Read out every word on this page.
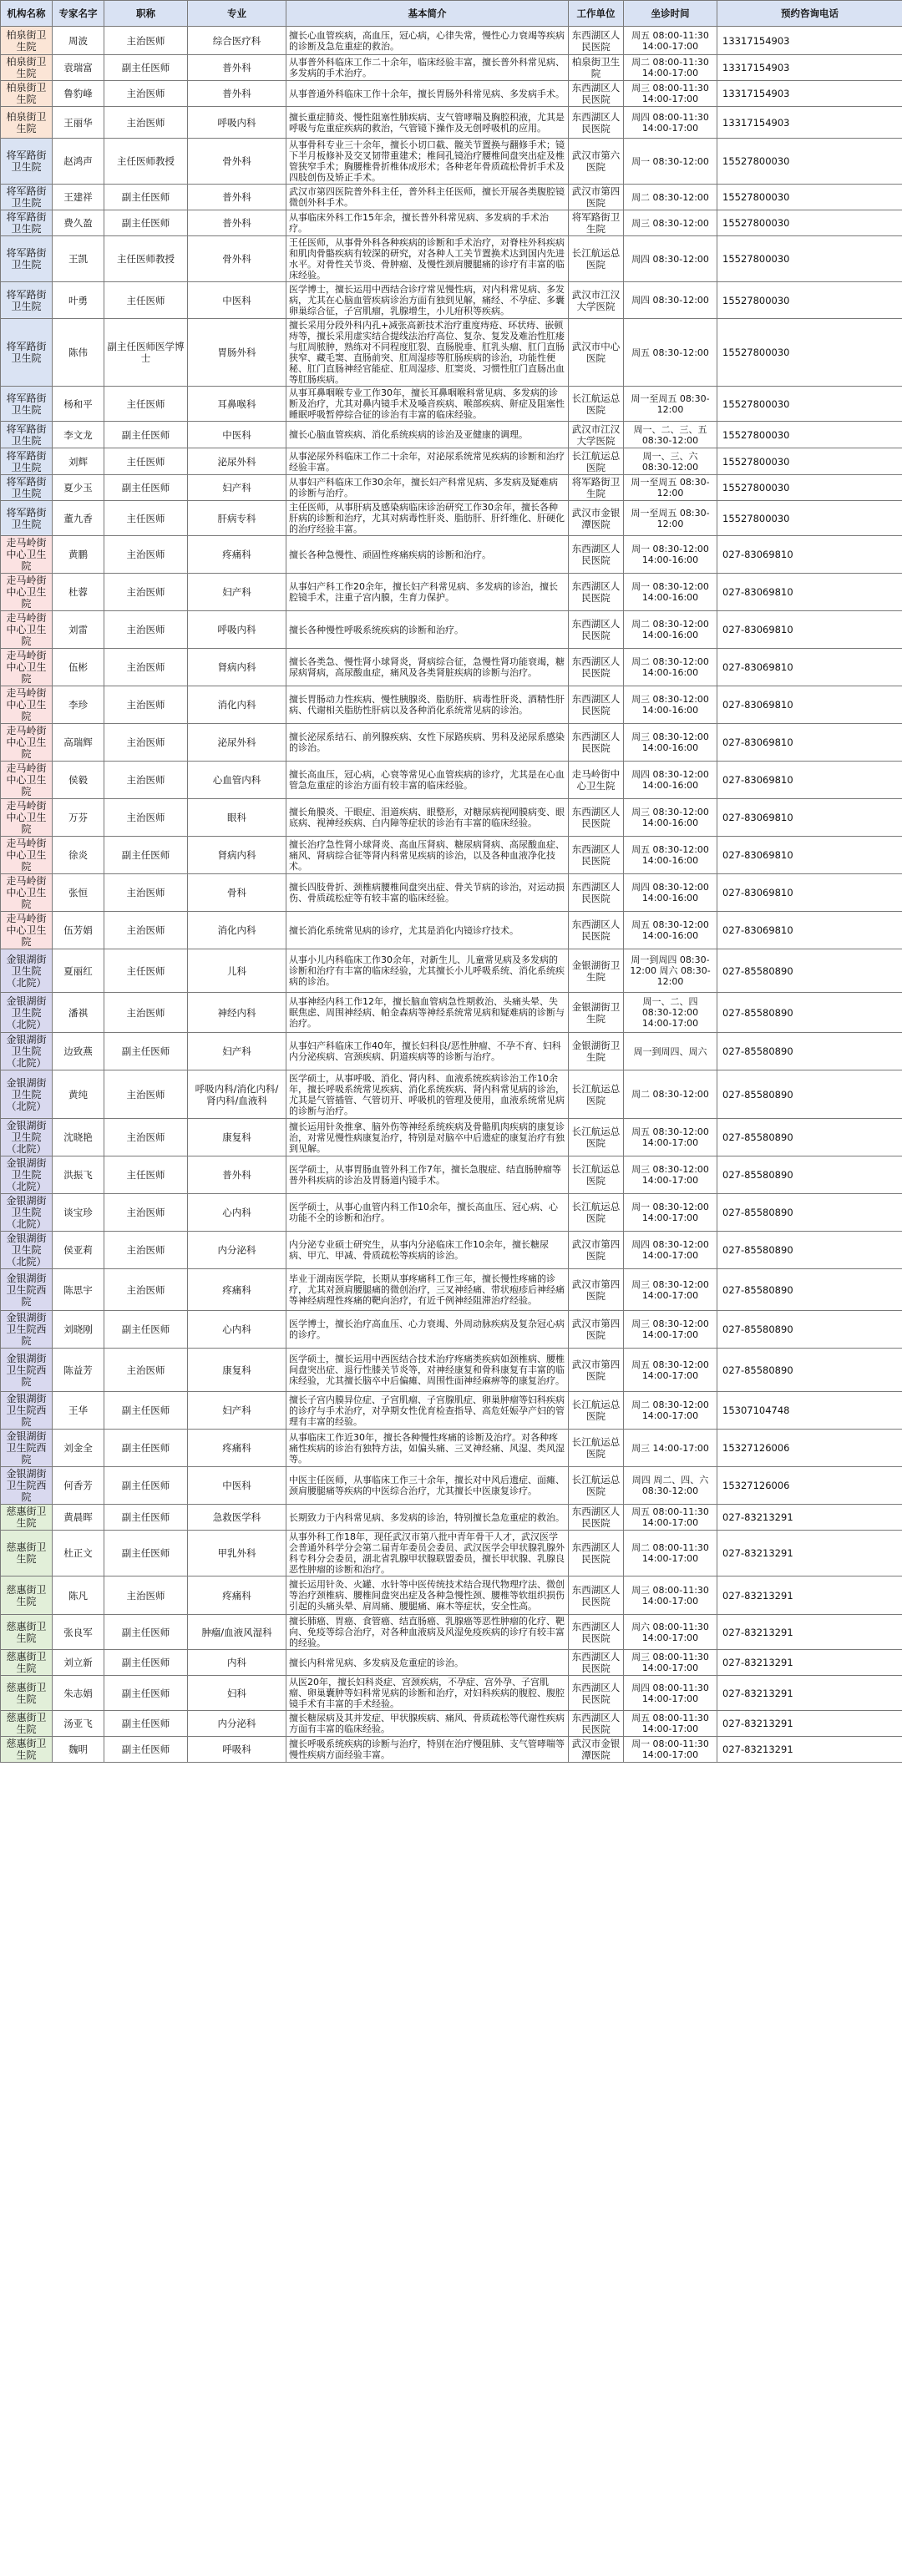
机构名称	专家名字	职称	专业	基本简介	工作单位	坐诊时间	预约咨询电话
柏泉街卫生院	周波	主治医师	综合医疗科	擅长心血管疾病，高血压，冠心病，心律失常，慢性心力衰竭等疾病的诊断及急危重症的救治。	东西湖区人民医院	周五 08:00-11:30 14:00-17:00	13317154903
柏泉街卫生院	袁瑞富	副主任医师	普外科	从事普外科临床工作二十余年，临床经验丰富，擅长普外科常见病、多发病的手术治疗。	柏泉街卫生院	周二 08:00-11:30 14:00-17:00	13317154903
柏泉街卫生院	鲁豹峰	主治医师	普外科	从事普通外科临床工作十余年，擅长胃肠外科常见病、多发病手术。	东西湖区人民医院	周三 08:00-11:30 14:00-17:00	13317154903
柏泉街卫生院	王丽华	主治医师	呼吸内科	擅长重症肺炎、慢性阻塞性肺疾病、支气管哮喘及胸腔积液，尤其是呼吸与危重症疾病的救治，气管镜下操作及无创呼吸机的应用。	东西湖区人民医院	周四 08:00-11:30 14:00-17:00	13317154903
将军路街卫生院	赵鸿声	主任医师教授	骨外科	从事骨科专业三十余年，擅长小切口截、髋关节置换与翻修手术；镜下半月板修补及交叉韧带重建术；椎间孔镜治疗腰椎间盘突出症及椎管狭窄手术；胸腰椎骨折椎体成形术；各种老年骨质疏松骨折手术及四肢创伤及矫正手术。	武汉市第六医院	周一 08:30-12:00	15527800030
将军路街卫生院	王建祥	副主任医师	普外科	武汉市第四医院普外科主任，普外科主任医师，擅长开展各类腹腔镜微创外科手术。	武汉市第四医院	周二 08:30-12:00	15527800030
将军路街卫生院	费久盈	副主任医师	普外科	从事临床外科工作15年余，擅长普外科常见病、多发病的手术治疗。	将军路街卫生院	周三 08:30-12:00	15527800030
将军路街卫生院	王凯	主任医师教授	骨外科	王任医师，从事骨外科各种疾病的诊断和手术治疗，对脊柱外科疾病和肌肉骨骼疾病有较深的研究，对各种人工关节置换术达到国内先进水平。对骨性关节炎、骨肿瘤、及慢性颈肩腰腿痛的诊疗有丰富的临床经验。	长江航运总医院	周四 08:30-12:00	15527800030
将军路街卫生院	叶勇	主任医师	中医科	医学博士，擅长运用中西结合诊疗常见慢性病，对内科常见病、多发病，尤其在心脑血管疾病诊治方面有独到见解，痛经、不孕症、多囊卵巢综合征，子宫肌瘤，乳腺增生，小儿疳积等疾病。	武汉市江汉大学医院	周四 08:30-12:00	15527800030
将军路街卫生院	陈伟	副主任医师医学博士	胃肠外科	擅长采用分段外科内孔+减张高新技术治疗重度痔疮、环状痔、嵌顿痔等，擅长采用虚实结合提线法治疗高位、复杂、复发及难治性肛瘘与肛周脓肿，熟练对不同程度肛裂、直肠脱垂、肛乳头瘤、肛门直肠狭窄、藏毛窦、直肠前突、肛周湿疹等肛肠疾病的诊治，功能性便秘、肛门直肠神经官能症、肛周湿疹、肛窦炎、习惯性肛门直肠出血等肛肠疾病。	武汉市中心医院	周五 08:30-12:00	15527800030
将军路街卫生院	杨和平	主任医师	耳鼻喉科	从事耳鼻咽喉专业工作30年，擅长耳鼻咽喉科常见病、多发病的诊断及治疗，尤其对鼻内镜手术及嗓音疾病、喉部疾病、鼾症及阻塞性睡眠呼吸暂停综合征的诊治有丰富的临床经验。	长江航运总医院	周一至周五 08:30-12:00	15527800030
将军路街卫生院	李文龙	副主任医师	中医科	擅长心脑血管疾病、消化系统疾病的诊治及亚健康的调理。	武汉市江汉大学医院	周一、二、三、五 08:30-12:00	15527800030
将军路街卫生院	刘辉	主任医师	泌尿外科	从事泌尿外科临床工作二十余年，对泌尿系统常见疾病的诊断和治疗经验丰富。	长江航运总医院	周一、三、六 08:30-12:00	15527800030
将军路街卫生院	夏少玉	副主任医师	妇产科	从事妇产科临床工作30余年，擅长妇产科常见病、多发病及疑难病的诊断与治疗。	将军路街卫生院	周一至周五 08:30-12:00	15527800030
将军路街卫生院	董九香	主任医师	肝病专科	主任医师，从事肝病及感染病临床诊治研究工作30余年，擅长各种肝病的诊断和治疗，尤其对病毒性肝炎、脂肪肝、肝纤维化、肝硬化的治疗经验丰富。	武汉市金银潭医院	周一至周五 08:30-12:00	15527800030
走马岭街中心卫生院	黄鹏	主治医师	疼痛科	擅长各种急慢性、顽固性疼痛疾病的诊断和治疗。	东西湖区人民医院	周一 08:30-12:00 14:00-16:00	027-83069810
走马岭街中心卫生院	杜蓉	主治医师	妇产科	从事妇产科工作20余年，擅长妇产科常见病、多发病的诊治，擅长腔镜手术，注重子宫内膜，生育力保护。	东西湖区人民医院	周一 08:30-12:00 14:00-16:00	027-83069810
走马岭街中心卫生院	刘雷	主治医师	呼吸内科	擅长各种慢性呼吸系统疾病的诊断和治疗。	东西湖区人民医院	周二 08:30-12:00 14:00-16:00	027-83069810
走马岭街中心卫生院	伍彬	主治医师	肾病内科	擅长各类急、慢性肾小球肾炎，肾病综合征，急慢性肾功能衰竭，糖尿病肾病，高尿酸血症，痛风及各类肾脏疾病的诊断与治疗。	东西湖区人民医院	周二 08:30-12:00 14:00-16:00	027-83069810
走马岭街中心卫生院	李珍	主治医师	消化内科	擅长胃肠动力性疾病、慢性胰腺炎、脂肪肝、病毒性肝炎、酒精性肝病、代谢相关脂肪性肝病以及各种消化系统常见病的诊治。	东西湖区人民医院	周三 08:30-12:00 14:00-16:00	027-83069810
走马岭街中心卫生院	高瑞辉	主治医师	泌尿外科	擅长泌尿系结石、前列腺疾病、女性下尿路疾病、男科及泌尿系感染的诊治。	东西湖区人民医院	周三 08:30-12:00 14:00-16:00	027-83069810
走马岭街中心卫生院	侯毅	主治医师	心血管内科	擅长高血压，冠心病，心衰等常见心血管疾病的诊疗，尤其是在心血管急危重症的诊治方面有较丰富的临床经验。	走马岭街中心卫生院	周四 08:30-12:00 14:00-16:00	027-83069810
走马岭街中心卫生院	万芬	主治医师	眼科	擅长角膜炎、干眼症、泪道疾病、眼整形，对糖尿病视网膜病变、眼底病、视神经疾病、白内障等症状的诊治有丰富的临床经验。	东西湖区人民医院	周三 08:30-12:00 14:00-16:00	027-83069810
走马岭街中心卫生院	徐炎	副主任医师	肾病内科	擅长治疗急性肾小球肾炎、高血压肾病、糖尿病肾病、高尿酸血症、痛风、肾病综合征等肾内科常见疾病的诊治，以及各种血液净化技术。	东西湖区人民医院	周五 08:30-12:00 14:00-16:00	027-83069810
走马岭街中心卫生院	张恒	主治医师	骨科	擅长四肢骨折、颈椎病腰椎间盘突出症、骨关节病的诊治，对运动损伤、骨质疏松症等有较丰富的临床经验。	东西湖区人民医院	周四 08:30-12:00 14:00-16:00	027-83069810
走马岭街中心卫生院	伍芳娟	主治医师	消化内科	擅长消化系统常见病的诊疗，尤其是消化内镜诊疗技术。	东西湖区人民医院	周五 08:30-12:00 14:00-16:00	027-83069810
金银湖街卫生院（北院）	夏丽红	主任医师	儿科	从事小儿内科临床工作30余年，对新生儿、儿童常见病及多发病的诊断和治疗有丰富的临床经验，尤其擅长小儿呼吸系统、消化系统疾病的诊治。	金银湖街卫生院	周一到周四 08:30-12:00 周六 08:30-12:00	027-85580890
金银湖街卫生院（北院）	潘祺	主治医师	神经内科	从事神经内科工作12年，擅长脑血管病急性期救治、头痛头晕、失眠焦虑、周围神经病、帕金森病等神经系统常见病和疑难病的诊断与治疗。	金银湖街卫生院	周一、二、四 08:30-12:00 14:00-17:00	027-85580890
金银湖街卫生院（北院）	边致燕	副主任医师	妇产科	从事妇产科临床工作40年，擅长妇科良/恶性肿瘤、不孕不育、妇科内分泌疾病、宫颈疾病、阴道疾病等的诊断与治疗。	金银湖街卫生院	周一到周四、周六	027-85580890
金银湖街卫生院（北院）	黄纯	主治医师	呼吸内科/消化内科/肾内科/血液科	医学硕士，从事呼吸、消化、肾内科、血液系统疾病诊治工作10余年，擅长呼吸系统常见疾病、消化系统疾病、肾内科常见病的诊治，尤其是气管插管、气管切开、呼吸机的管理及使用，血液系统常见病的诊断与治疗。	长江航运总医院	周二 08:30-12:00	027-85580890
金银湖街卫生院（北院）	沈晓艳	主治医师	康复科	擅长运用针灸推拿、脑外伤等神经系统疾病及骨骼肌肉疾病的康复诊治，对常见慢性病康复治疗，特别是对脑卒中后遗症的康复治疗有独到见解。	长江航运总医院	周五 08:30-12:00 14:00-17:00	027-85580890
金银湖街卫生院（北院）	洪振飞	主任医师	普外科	医学硕士，从事胃肠血管外科工作7年，擅长急腹症、结直肠肿瘤等普外科疾病的诊治及胃肠道内镜手术。	长江航运总医院	周三 08:30-12:00 14:00-17:00	027-85580890
金银湖街卫生院（北院）	谈宝珍	主治医师	心内科	医学硕士，从事心血管内科工作10余年，擅长高血压、冠心病、心功能不全的诊断和治疗。	长江航运总医院	周一 08:30-12:00 14:00-17:00	027-85580890
金银湖街卫生院（北院）	侯亚莉	主治医师	内分泌科	内分泌专业硕士研究生，从事内分泌临床工作10余年，擅长糖尿病、甲亢、甲减、骨质疏松等疾病的诊治。	武汉市第四医院	周四 08:30-12:00 14:00-17:00	027-85580890
金银湖街卫生院西院	陈思宇	主治医师	疼痛科	毕业于湖南医学院，长期从事疼痛科工作三年，擅长慢性疼痛的诊疗，尤其对颈肩腰腿痛的微创治疗，三叉神经痛、带状疱疹后神经痛等神经病理性疼痛的靶向治疗，有近千例神经阻滞治疗经验。	武汉市第四医院	周三 08:30-12:00 14:00-17:00	027-85580890
金银湖街卫生院西院	刘晓刚	副主任医师	心内科	医学博士，擅长治疗高血压、心力衰竭、外周动脉疾病及复杂冠心病的诊疗。	武汉市第四医院	周三 08:30-12:00 14:00-17:00	027-85580890
金银湖街卫生院西院	陈益芳	主治医师	康复科	医学硕士，擅长运用中西医结合技术治疗疼痛类疾病如颈椎病、腰椎间盘突出症、退行性膝关节炎等，对神经康复和骨科康复有丰富的临床经验，尤其擅长脑卒中后偏瘫、周围性面神经麻痹等的康复治疗。	武汉市第四医院	周五 08:30-12:00 14:00-17:00	027-85580890
金银湖街卫生院西院	王华	副主任医师	妇产科	擅长子宫内膜异位症、子宫肌瘤、子宫腺肌症、卵巢肿瘤等妇科疾病的诊疗与手术治疗，对孕期女性优育检查指导、高危妊娠孕产妇的管理有丰富的经验。	长江航运总医院	周二 08:30-12:00 14:00-17:00	15307104748
金银湖街卫生院西院	刘金全	副主任医师	疼痛科	从事临床工作近30年，擅长各种慢性疼痛的诊断及治疗。对各种疼痛性疾病的诊治有独特方法，如偏头痛、三叉神经痛、风湿、类风湿等。	长江航运总医院	周三 14:00-17:00	15327126006
金银湖街卫生院西院	何香芳	副主任医师	中医科	中医主任医师，从事临床工作三十余年，擅长对中风后遗症、面瘫、颈肩腰腿痛等疾病的中医综合治疗，尤其擅长中医康复诊疗。	长江航运总医院	周四 周二、四、六 08:30-12:00	15327126006
慈惠街卫生院	黄晨晖	副主任医师	急救医学科	长期致力于内科常见病、多发病的诊治，特别擅长急危重症的救治。	东西湖区人民医院	周五 08:00-11:30 14:00-17:00	027-83213291
慈惠街卫生院	杜正文	副主任医师	甲乳外科	从事外科工作18年，现任武汉市第八批中青年骨干人才，武汉医学会普通外科学分会第二届青年委员会委员、武汉医学会甲状腺乳腺外科专科分会委员，湖北省乳腺甲状腺联盟委员，擅长甲状腺、乳腺良恶性肿瘤的诊断和治疗。	东西湖区人民医院	周二 08:00-11:30 14:00-17:00	027-83213291
慈惠街卫生院	陈凡	主治医师	疼痛科	擅长运用针灸、火罐、水针等中医传统技术结合现代物理疗法、微创等治疗颈椎病、腰椎间盘突出症及各种急慢性颈、腰椎等软组织损伤引起的头痛头晕、肩周痛、腰腿痛、麻木等症状，安全性高。	东西湖区人民医院	周三 08:00-11:30 14:00-17:00	027-83213291
慈惠街卫生院	张良军	副主任医师	肿瘤/血液风湿科	擅长肺癌、胃癌、食管癌、结直肠癌、乳腺癌等恶性肿瘤的化疗、靶向、免疫等综合治疗，对各种血液病及风湿免疫疾病的诊疗有较丰富的经验。	东西湖区人民医院	周六 08:00-11:30 14:00-17:00	027-83213291
慈惠街卫生院	刘立新	副主任医师	内科	擅长内科常见病、多发病及危重症的诊治。	东西湖区人民医院	周三 08:00-11:30 14:00-17:00	027-83213291
慈惠街卫生院	朱志娟	副主任医师	妇科	从医20年，擅长妇科炎症、宫颈疾病，不孕症、宫外孕、子宫肌瘤、卵巢囊肿等妇科常见病的诊断和治疗，对妇科疾病的腹腔、腹腔镜手术有丰富的手术经验。	东西湖区人民医院	周四 08:00-11:30 14:00-17:00	027-83213291
慈惠街卫生院	汤亚飞	副主任医师	内分泌科	擅长糖尿病及其并发症、甲状腺疾病、痛风、骨质疏松等代谢性疾病方面有丰富的临床经验。	东西湖区人民医院	周五 08:00-11:30 14:00-17:00	027-83213291
慈惠街卫生院	魏明	副主任医师	呼吸科	擅长呼吸系统疾病的诊断与治疗，特别在治疗慢阻肺、支气管哮喘等慢性疾病方面经验丰富。	武汉市金银潭医院	周一 08:00-11:30 14:00-17:00	027-83213291
